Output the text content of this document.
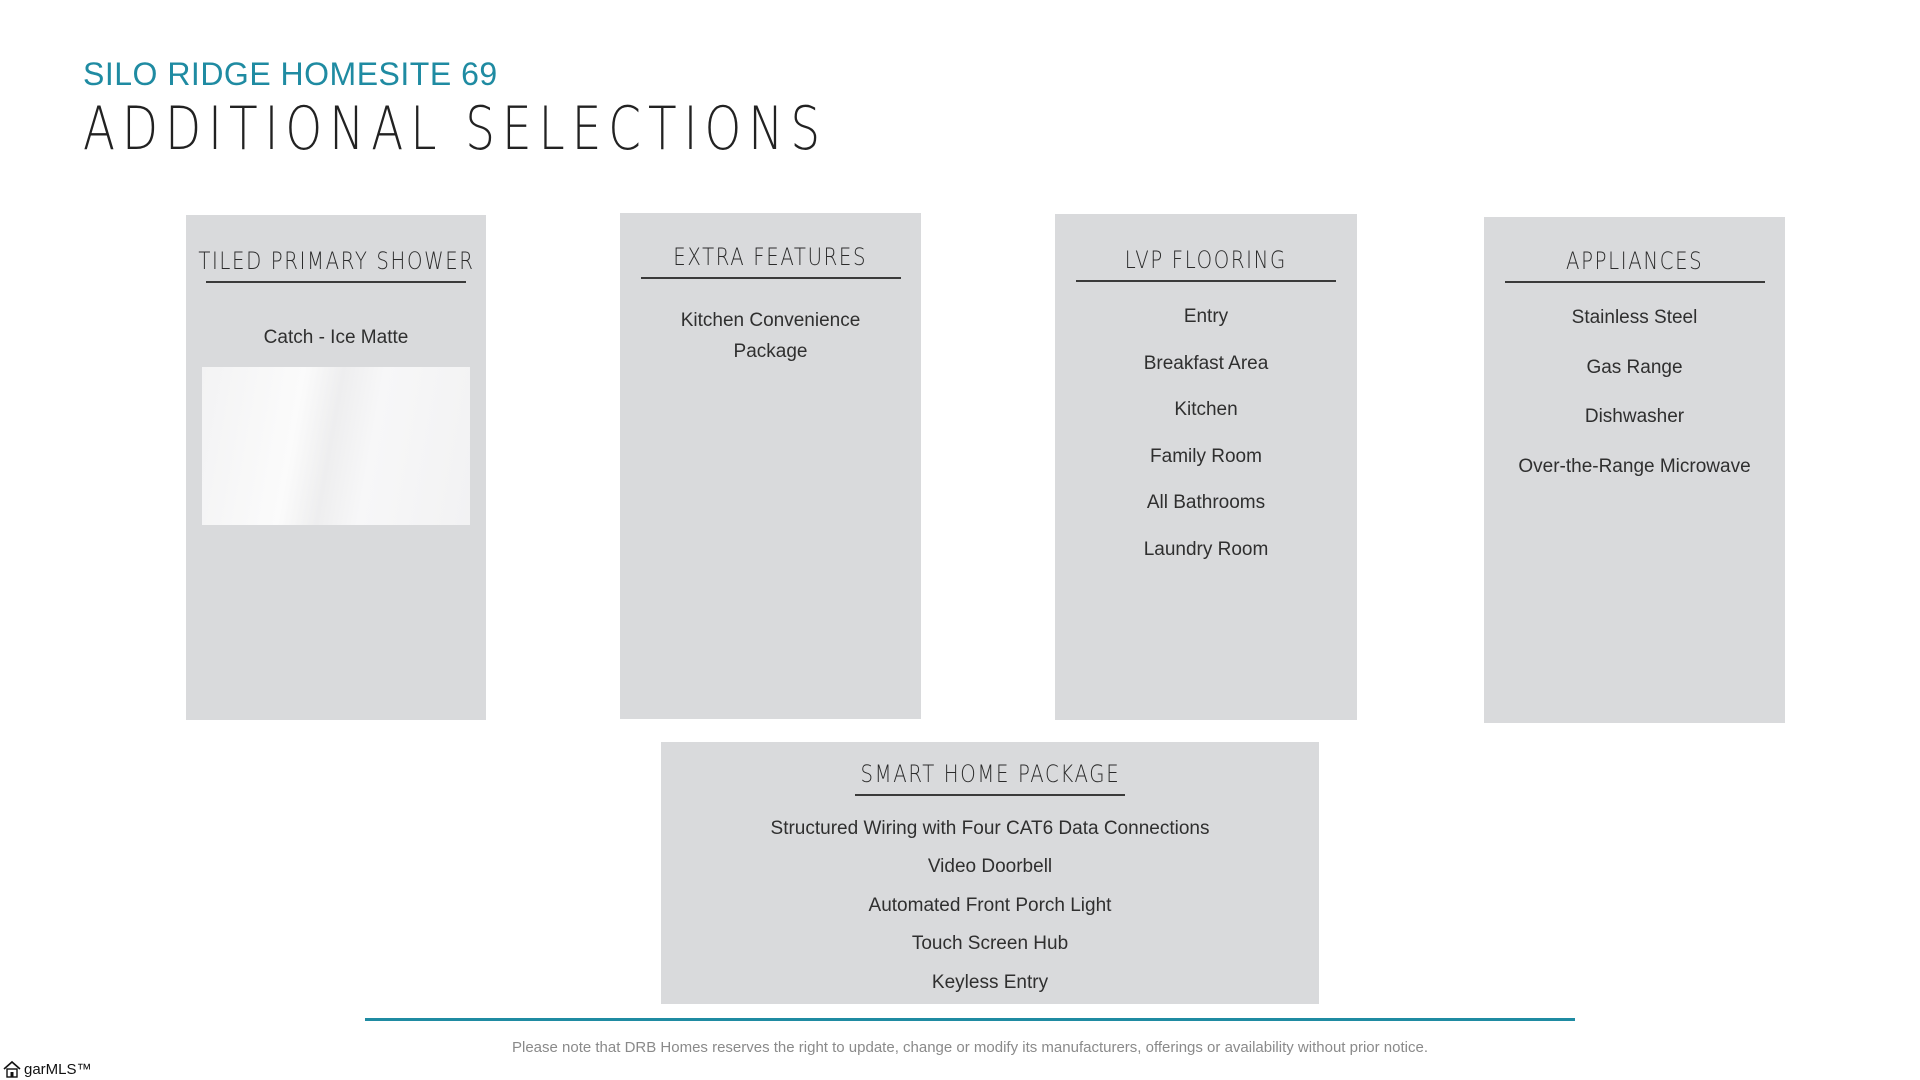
SILO RIDGE HOMESITE 69
ADDITIONAL SELECTIONS
TILED PRIMARY SHOWER
Catch - Ice Matte
EXTRA FEATURES
Kitchen Convenience Package
LVP FLOORING
Entry
Breakfast Area
Kitchen
Family Room
All Bathrooms
Laundry Room
APPLIANCES
Stainless Steel
Gas Range
Dishwasher
Over-the-Range Microwave
SMART HOME PACKAGE
Structured Wiring with Four CAT6 Data Connections
Video Doorbell
Automated Front Porch Light
Touch Screen Hub
Keyless Entry
Please note that DRB Homes reserves the right to update, change or modify its manufacturers, offerings or availability without prior notice.
garMLS™
